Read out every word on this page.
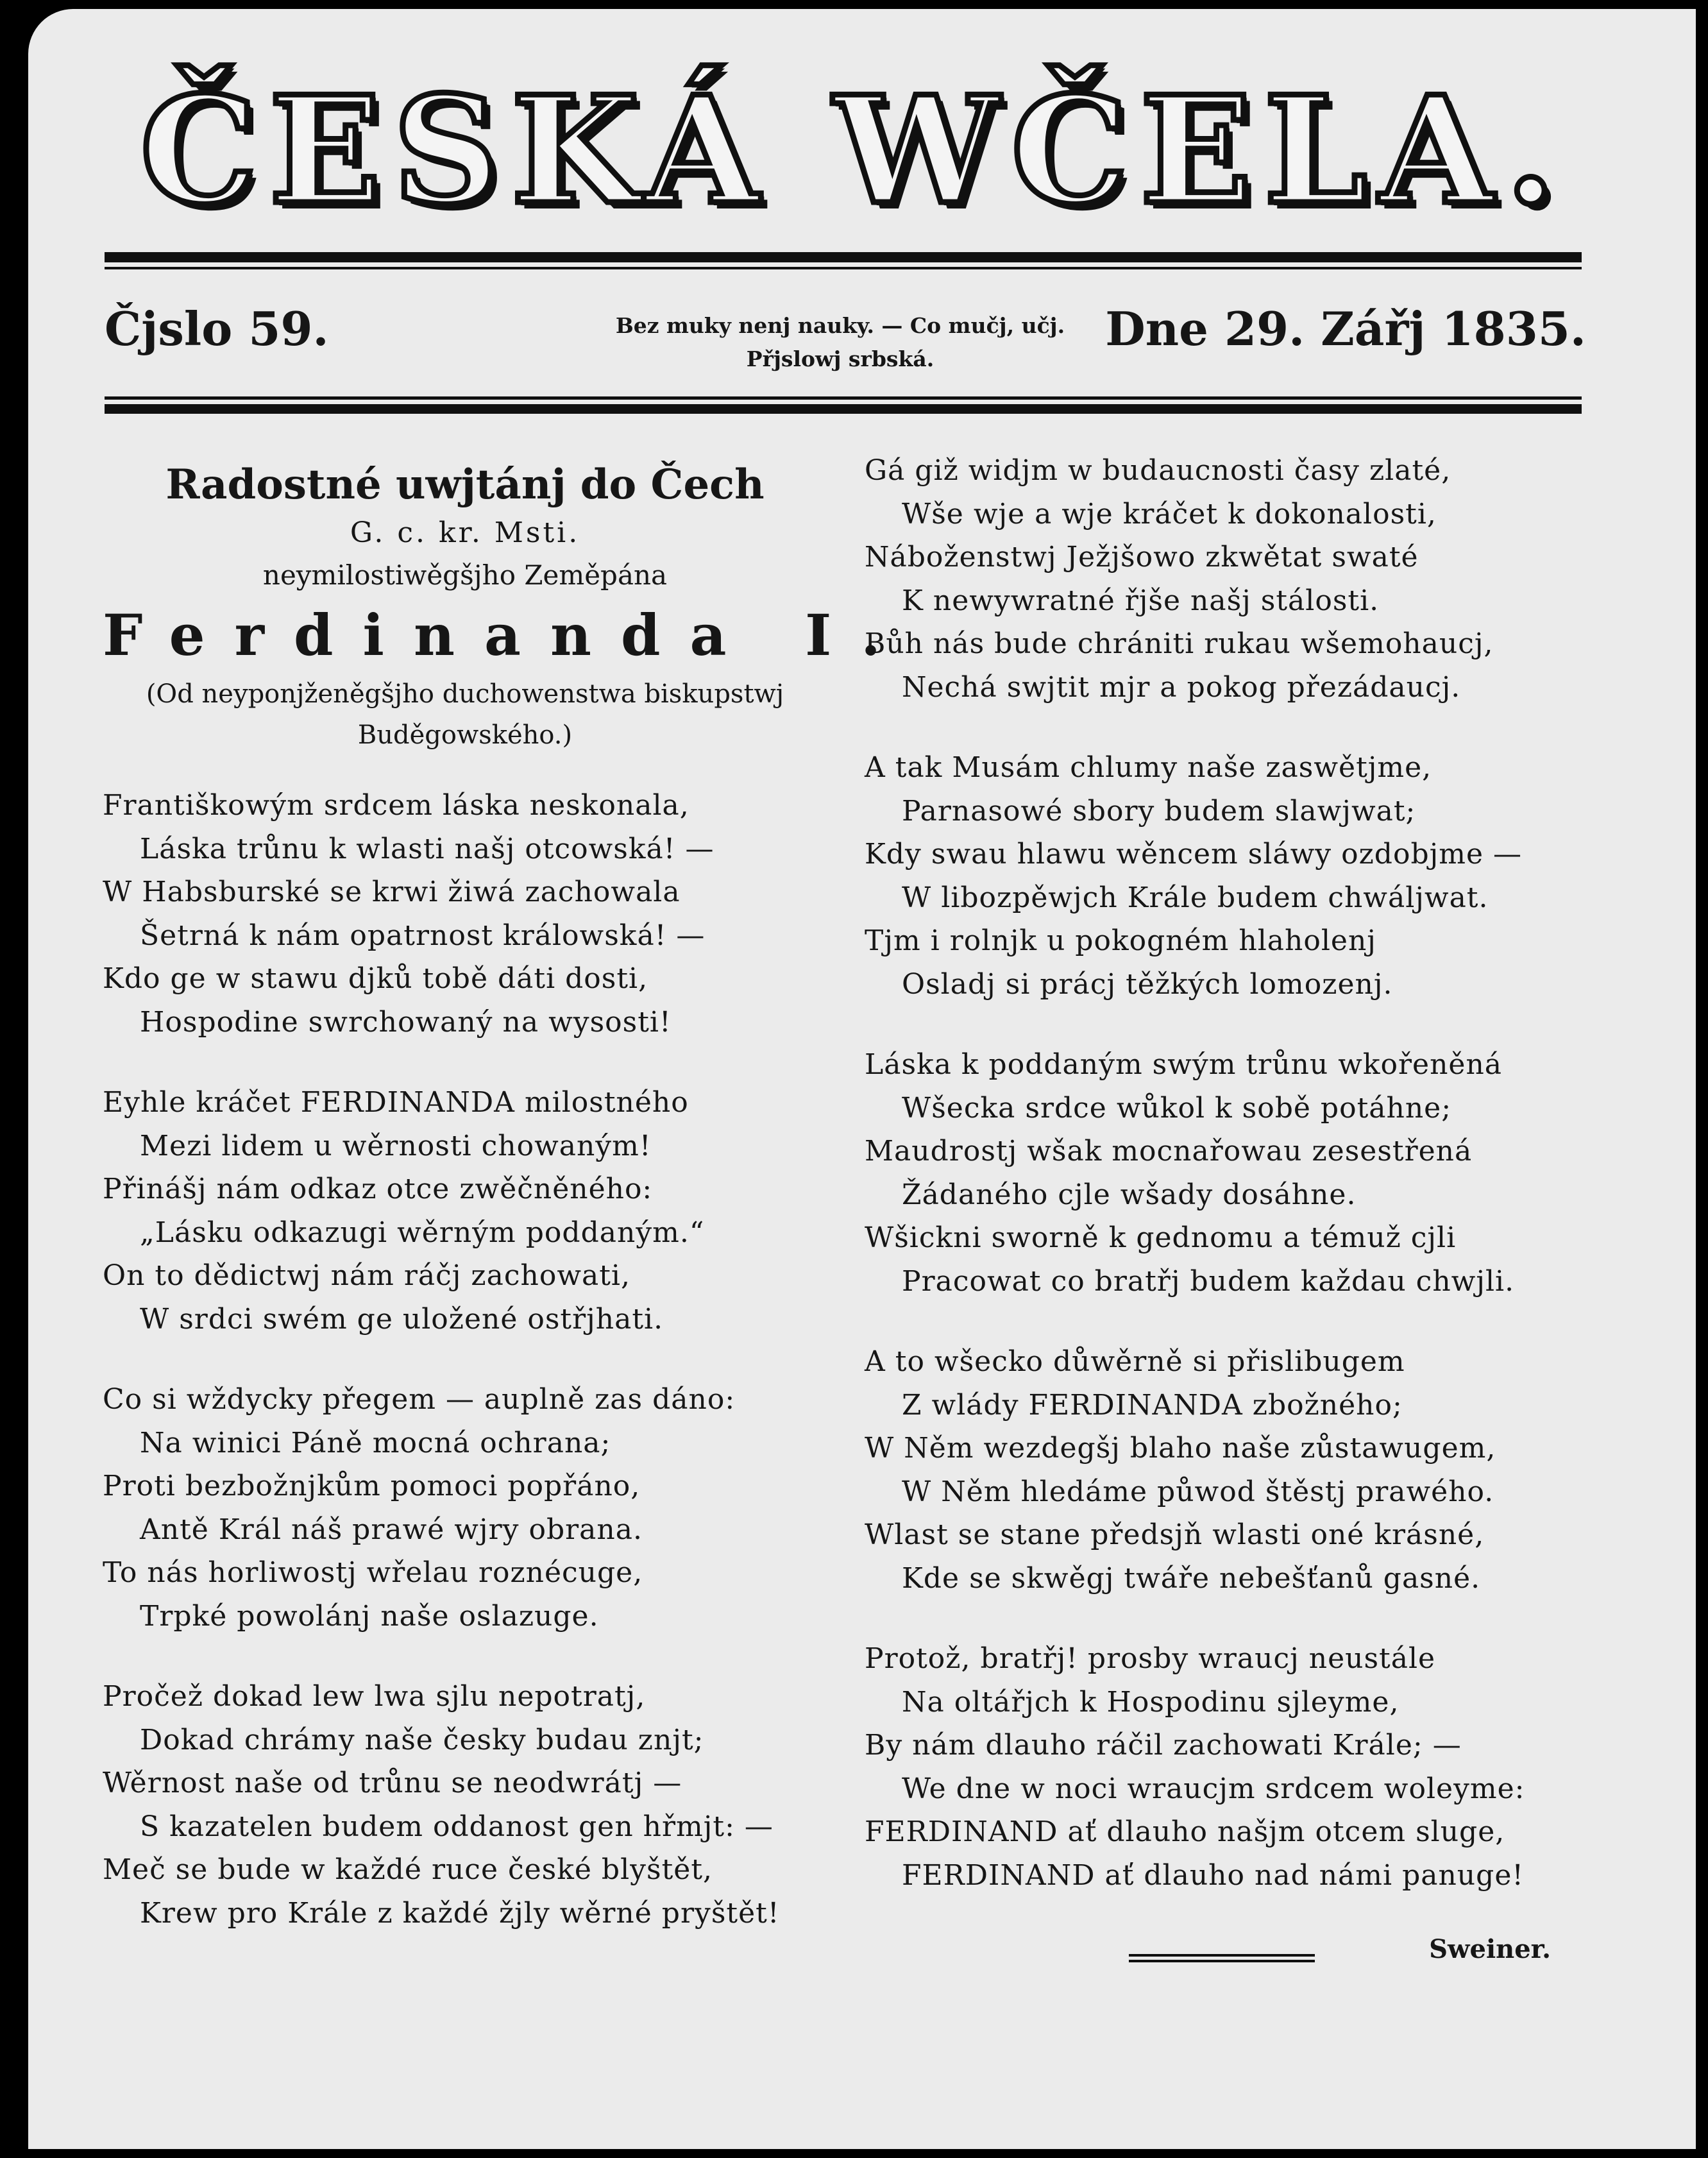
ČESKÁ WČELA.
Čjslo 59.	Bez muky nenj nauky. — Co mučj, učj.
Přjslowj srbská.
Dne 29. Zářj 1835.
Radostné uwjtánj do Čech
G. c. kr. Msti.
neymilostiwěgšjho Zeměpána
Ferdinanda I.
(Od neyponjženěgšjho duchowenstwa biskupstwj Buděgowského.)
Františkowým srdcem láska neskonala,
Láska trůnu k wlasti našj otcowská! —
W Habsburské se krwi žiwá zachowala
Šetrná k nám opatrnost králowská! —
Kdo ge w stawu djků tobě dáti dosti,
Hospodine swrchowaný na wysosti!
Eyhle kráčet FERDINANDA milostného
Mezi lidem u wěrnosti chowaným!
Přinášj nám odkaz otce zwěčněného:
„Lásku odkazugi wěrným poddaným.“
On to dědictwj nám ráčj zachowati,
W srdci swém ge uložené ostřjhati.
Co si wždycky přegem — auplně zas dáno:
Na winici Páně mocná ochrana;
Proti bezbožnjkům pomoci popřáno,
Antě Král náš prawé wjry obrana.
To nás horliwostj wřelau roznécuge,
Trpké powolánj naše oslazuge.
Pročež dokad lew lwa sjlu nepotratj,
Dokad chrámy naše česky budau znjt;
Wěrnost naše od trůnu se neodwrátj —
S kazatelen budem oddanost gen hřmjt: —
Meč se bude w každé ruce české blyštět,
Krew pro Krále z každé žjly wěrné pryštět!
Gá giž widjm w budaucnosti časy zlaté,
Wše wje a wje kráčet k dokonalosti,
Náboženstwj Ježjšowo zkwětat swaté
K newywratné řjše našj stálosti.
Bůh nás bude chrániti rukau wšemohaucj,
Nechá swjtit mjr a pokog přezádaucj.
A tak Musám chlumy naše zaswětjme,
Parnasowé sbory budem slawjwat;
Kdy swau hlawu wěncem sláwy ozdobjme —
W libozpěwjch Krále budem chwáljwat.
Tjm i rolnjk u pokogném hlaholenj
Osladj si prácj těžkých lomozenj.
Láska k poddaným swým trůnu wkořeněná
Wšecka srdce wůkol k sobě potáhne;
Maudrostj wšak mocnařowau zesestřená
Žádaného cjle wšady dosáhne.
Wšickni sworně k gednomu a témuž cjli
Pracowat co bratřj budem každau chwjli.
A to wšecko důwěrně si přislibugem
Z wlády FERDINANDA zbožného;
W Něm wezdegšj blaho naše zůstawugem,
W Něm hledáme půwod štěstj prawého.
Wlast se stane předsjň wlasti oné krásné,
Kde se skwěgj twáře nebešťanů gasné.
Protož, bratřj! prosby wraucj neustále
Na oltářjch k Hospodinu sjleyme,
By nám dlauho ráčil zachowati Krále; —
We dne w noci wraucjm srdcem woleyme:
FERDINAND ať dlauho našjm otcem sluge,
FERDINAND ať dlauho nad námi panuge!
Sweiner.
